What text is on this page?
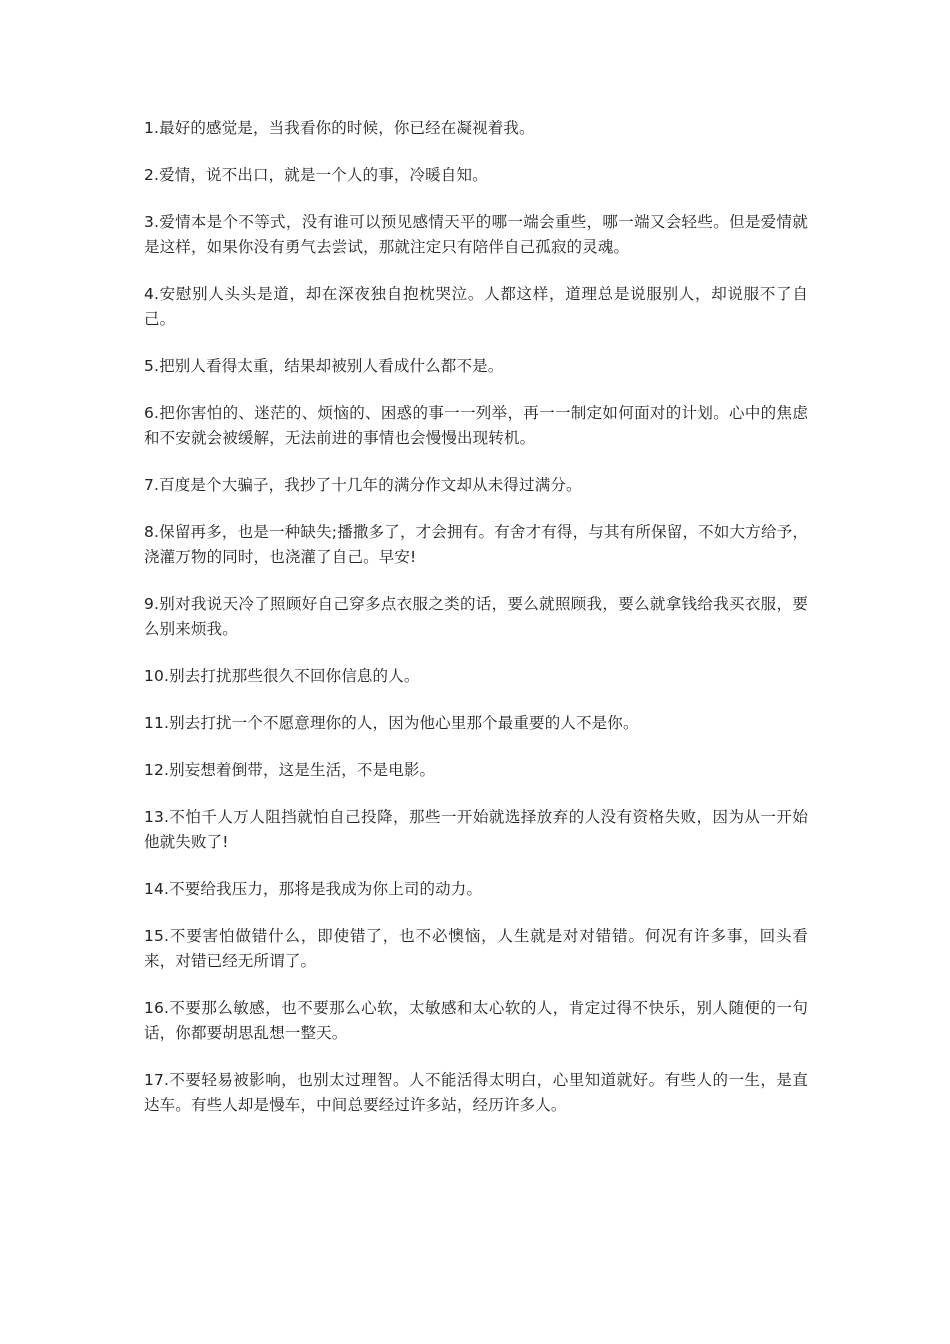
1.最好的感觉是，当我看你的时候，你已经在凝视着我。

2.爱情，说不出口，就是一个人的事，冷暖自知。

3.爱情本是个不等式，没有谁可以预见感情天平的哪一端会重些，哪一端又会轻些。但是爱情就是这样，如果你没有勇气去尝试，那就注定只有陪伴自己孤寂的灵魂。

4.安慰别人头头是道，却在深夜独自抱枕哭泣。人都这样，道理总是说服别人，却说服不了自己。

5.把别人看得太重，结果却被别人看成什么都不是。

6.把你害怕的、迷茫的、烦恼的、困惑的事一一列举，再一一制定如何面对的计划。心中的焦虑和不安就会被缓解，无法前进的事情也会慢慢出现转机。

7.百度是个大骗子，我抄了十几年的满分作文却从未得过满分。

8.保留再多，也是一种缺失;播撒多了，才会拥有。有舍才有得，与其有所保留，不如大方给予，浇灌万物的同时，也浇灌了自己。早安!

9.别对我说天冷了照顾好自己穿多点衣服之类的话，要么就照顾我，要么就拿钱给我买衣服，要么别来烦我。

10.别去打扰那些很久不回你信息的人。

11.别去打扰一个不愿意理你的人，因为他心里那个最重要的人不是你。

12.别妄想着倒带，这是生活，不是电影。

13.不怕千人万人阻挡就怕自己投降，那些一开始就选择放弃的人没有资格失败，因为从一开始他就失败了!

14.不要给我压力，那将是我成为你上司的动力。

15.不要害怕做错什么，即使错了，也不必懊恼，人生就是对对错错。何况有许多事，回头看来，对错已经无所谓了。

16.不要那么敏感，也不要那么心软，太敏感和太心软的人，肯定过得不快乐，别人随便的一句话，你都要胡思乱想一整天。

17.不要轻易被影响，也别太过理智。人不能活得太明白，心里知道就好。有些人的一生，是直达车。有些人却是慢车，中间总要经过许多站，经历许多人。
